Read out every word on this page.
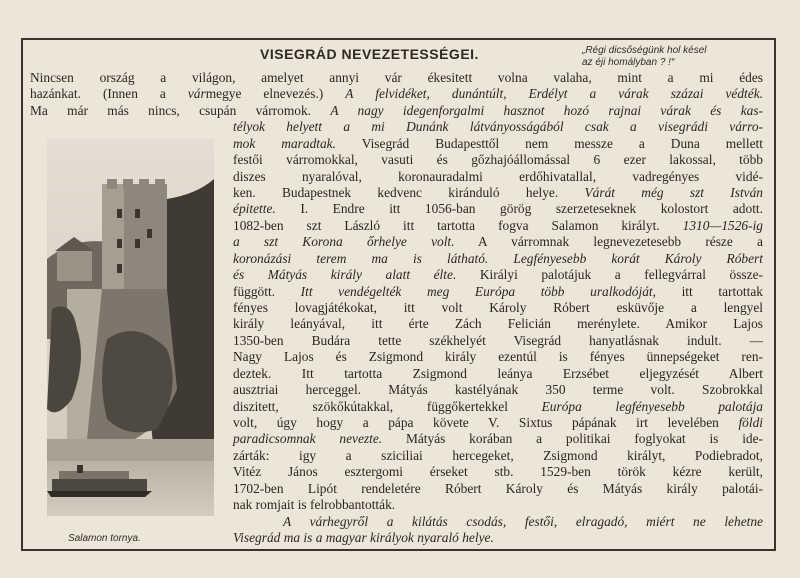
VISEGRÁD NEVEZETESSÉGEI.	„Régi dicsőségünk hol késel
az éji homályban ? !“
Salamon tornya.
Nincsen ország a világon, amelyet annyi vár ékesitett volna valaha, mint a mi édes
hazánkat. (Innen a vármegye elnevezés.) A felvidéket, dunántúlt, Erdélyt a várak százai védték.
Ma már más nincs, csupán várromok. A nagy idegenforgalmi hasznot hozó rajnai várak és kas-
télyok helyett a mi Dunánk látványosságából csak a visegrádi várro-
mok maradtak. Visegrád Budapesttől nem messze a Duna mellett
festői várromokkal, vasuti és gőzhajóállomással 6 ezer lakossal, több
diszes nyaralóval, koronauradalmi erdőhivatallal, vadregényes vidé-
ken. Budapestnek kedvenc kiránduló helye. Várát még szt István
épitette. I. Endre itt 1056-ban görög szerzeteseknek kolostort adott.
1082-ben szt László itt tartotta fogva Salamon királyt. 1310—1526-ig
a szt Korona őrhelye volt. A várromnak legnevezetesebb része a
koronázási terem ma is látható. Legfényesebb korát Károly Róbert
és Mátyás király alatt élte. Királyi palotájuk a fellegvárral össze-
függött. Itt vendégelték meg Európa több uralkodóját, itt tartottak
fényes lovagjátékokat, itt volt Károly Róbert esküvője a lengyel
király leányával, itt érte Zách Felicián merénylete. Amikor Lajos
1350-ben Budára tette székhelyét Visegrád hanyatlásnak indult. —
Nagy Lajos és Zsigmond király ezentúl is fényes ünnepségeket ren-
deztek. Itt tartotta Zsigmond leánya Erzsébet eljegyzését Albert
ausztriai herceggel. Mátyás kastélyának 350 terme volt. Szobrokkal
diszitett, szökőkútakkal, függőkertekkel Európa legfényesebb palotája
volt, úgy hogy a pápa követe V. Sixtus pápának irt levelében földi
paradicsomnak nevezte. Mátyás korában a politikai foglyokat is ide-
zárták: igy a sziciliai hercegeket, Zsigmond királyt, Podiebradot,
Vitéz János esztergomi érseket stb. 1529-ben török kézre került,
1702-ben Lipót rendeletére Róbert Károly és Mátyás király palotái-
nak romjait is felrobbantották.
A várhegyről a kilátás csodás, festői, elragadó, miért ne lehetne
Visegrád ma is a magyar királyok nyaraló helye.
